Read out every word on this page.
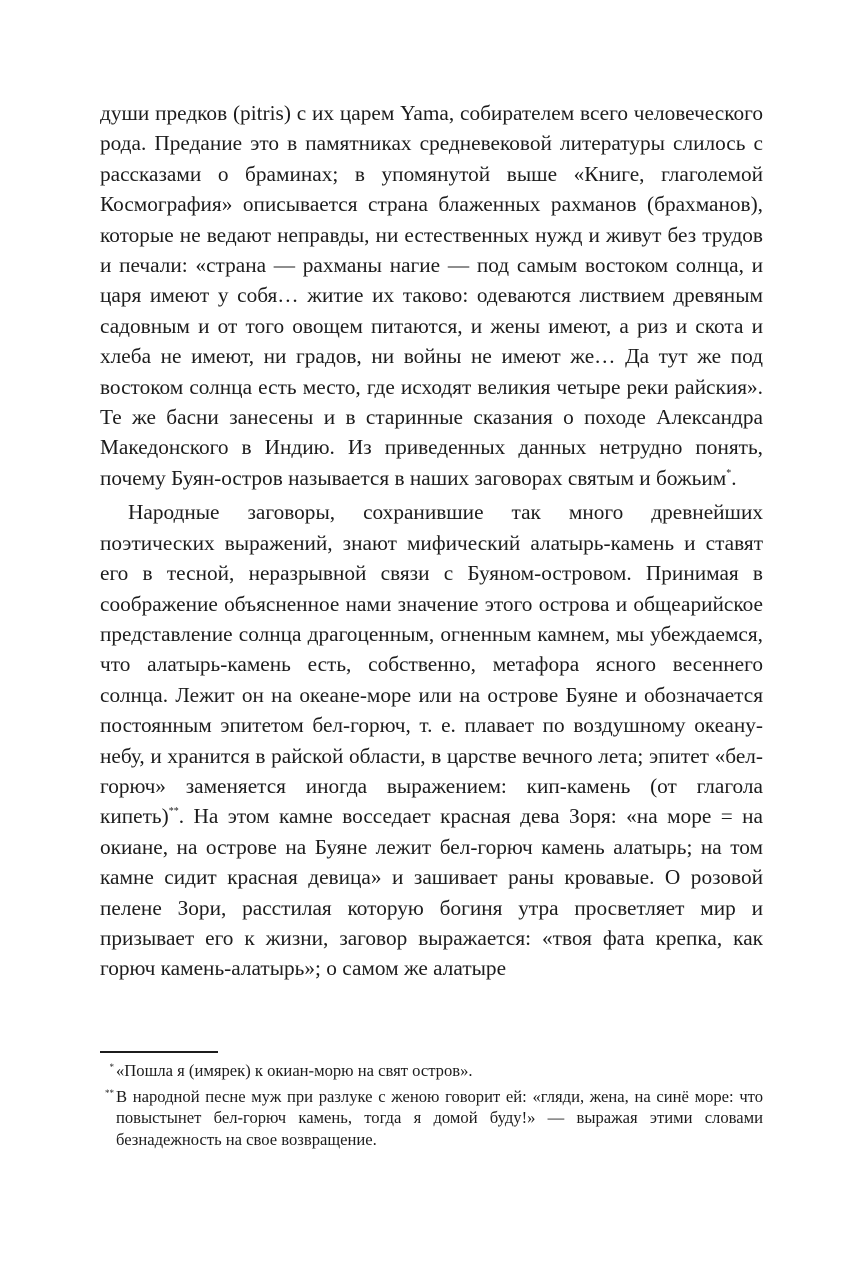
души предков (pitris) с их царем Yama, собирателем всего человеческого рода. Предание это в памятниках средневековой литературы слилось с рассказами о браминах; в упомянутой выше «Книге, глаголемой Космография» описывается страна блаженных рахманов (брахманов), которые не ведают неправды, ни естественных нужд и живут без трудов и печали: «страна — рахманы нагие — под самым востоком солнца, и царя имеют у собя… житие их таково: одеваются листвием древяным садовным и от того овощем питаются, и жены имеют, а риз и скота и хлеба не имеют, ни градов, ни войны не имеют же… Да тут же под востоком солнца есть место, где исходят великия четыре реки райския». Те же басни занесены и в старинные сказания о походе Александра Македонского в Индию. Из приведенных данных нетрудно понять, почему Буян-остров называется в наших заговорах святым и божьим*.

Народные заговоры, сохранившие так много древнейших поэтических выражений, знают мифический алатырь-камень и ставят его в тесной, неразрывной связи с Буяном-островом. Принимая в соображение объясненное нами значение этого острова и общеарийское представление солнца драгоценным, огненным камнем, мы убеждаемся, что алатырь-камень есть, собственно, метафора ясного весеннего солнца. Лежит он на океане-море или на острове Буяне и обозначается постоянным эпитетом бел-горюч, т. е. плавает по воздушному океану-небу, и хранится в райской области, в царстве вечного лета; эпитет «бел-горюч» заменяется иногда выражением: кип-камень (от глагола кипеть)**. На этом камне восседает красная дева Зоря: «на море = на окиане, на острове на Буяне лежит бел-горюч камень алатырь; на том камне сидит красная девица» и зашивает раны кровавые. О розовой пелене Зори, расстилая которую богиня утра просветляет мир и призывает его к жизни, заговор выражается: «твоя фата крепка, как горюч камень-алатырь»; о самом же алатыре

* «Пошла я (имярек) к окиан-морю на свят остров».

** В народной песне муж при разлуке с женою говорит ей: «гляди, жена, на синё море: что повыстынет бел-горюч камень, тогда я домой буду!» — выражая этими словами безнадежность на свое возвращение.
